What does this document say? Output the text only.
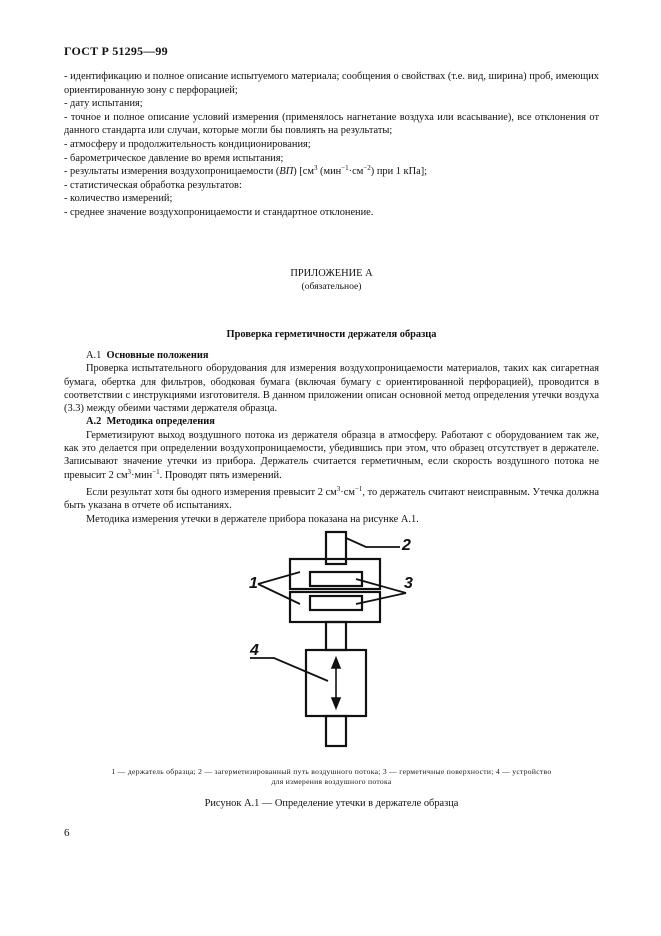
ГОСТ Р 51295—99
- идентификацию и полное описание испытуемого материала; сообщения о свойствах (т.е. вид, ширина) проб, имеющих ориентированную зону с перфорацией;
- дату испытания;
- точное и полное описание условий измерения (применялось нагнетание воздуха или всасывание), все отклонения от данного стандарта или случаи, которые могли бы повлиять на результаты;
- атмосферу и продолжительность кондиционирования;
- барометрическое давление во время испытания;
- результаты измерения воздухопроницаемости (ВП) [$см^3$ $(мин^{-1}\cdot см^{-2})$ при 1 кПа];
- статистическая обработка результатов:
- количество измерений;
- среднее значение воздухопроницаемости и стандартное отклонение.
ПРИЛОЖЕНИЕ А
(обязательное)
Проверка герметичности держателя образца

А.1 Основные положения

Проверка испытательного оборудования для измерения воздухопроницаемости материалов, таких как сигаретная бумага, обертка для фильтров, ободковая бумага (включая бумагу с ориентированной перфорацией), проводится в соответствии с инструкциями изготовителя. В данном приложении описан основной метод определения утечки воздуха (3.3) между обеими частями держателя образца.

А.2 Методика определения

Герметизируют выход воздушного потока из держателя образца в атмосферу. Работают с оборудованием так же, как это делается при определении воздухопроницаемости, убедившись при этом, что образец отсутствует в держателе. Записывают значение утечки из прибора. Держатель считается герметичным, если скорость воздушного потока не превысит 2 $см^3\cdot мин^{-1}$. Проводят пять измерений.

Если результат хотя бы одного измерения превысит 2 $см^3\cdot см^{-1}$, то держатель считают неисправным. Утечка должна быть указана в отчете об испытаниях.

Методика измерения утечки в держателе прибора показана на рисунке А.1.

1
2
3
4
1 — держатель образца; 2 — загерметизированный путь воздушного потока; 3 — герметичные поверхности; 4 — устройство
для измерения воздушного потока
Рисунок А.1 — Определение утечки в держателе образца
6
